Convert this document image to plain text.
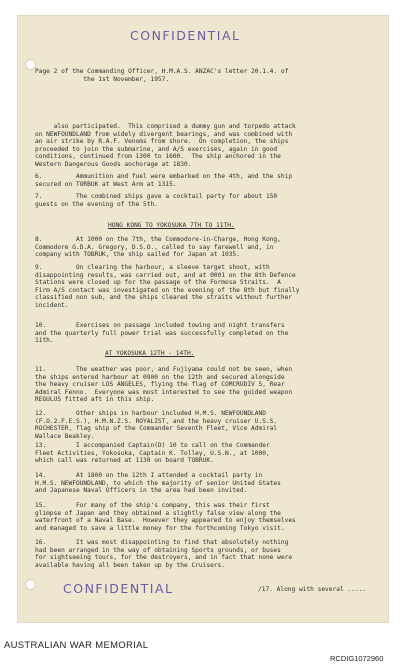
CONFIDENTIAL
Page 2 of the Commanding Officer, H.M.A.S. ANZAC's letter 20.1.4. of
the 1st November, 1957.
also participated.  This comprised a dummy gun and torpedo attack
on NEWFOUNDLAND from widely divergent bearings, and was combined with
an air strike by R.A.F. Venoms from shore.  On completion, the ships
proceeded to join the submarine, and A/S exercises, again in good
conditions, continued from 1300 to 1600.  The ship anchored in the
Western Dangerous Goods anchorage at 1830.
6.         Ammunition and fuel were embarked on the 4th, and the ship
secured on TORBUK at West Arm at 1315.
7.         The combined ships gave a cocktail party for about 150
guests on the evening of the 5th.
HONG KONG TO YOKOSUKA 7TH TO 11TH.
8.         At 1000 on the 7th, the Commodore-in-Charge, Hong Kong,
Commodore G.D.A. Gregory, D.S.O., called to say farewell and, in
company with TOBRUK, the ship sailed for Japan at 1035.
9.         On clearing the harbour, a sleeve target shoot, with
disappointing results, was carried out, and at 0001 on the 8th Defence
Stations were closed up for the passage of the Formosa Straits.  A
Firm A/S contact was investigated on the evening of the 8th but finally
classified non sub, and the ships cleared the straits without further
incident.
10.        Exercises on passage included towing and night transfers
and the quarterly full power trial was successfully completed on the
11th.
AT YOKOSUKA 12TH - 14TH.
11.        The weather was poor, and Fujiyama could not be seen, when
the ships entered harbour at 0900 on the 12th and secured alongside
the heavy cruiser LOS ANGELES, flying the flag of COMCRUDIV 5, Rear
Admiral Fenno.  Everyone was most interested to see the guided weapon
REGULUS fitted aft in this ship.
12.        Other ships in harbour included H.M.S. NEWFOUNDLAND
(F.O.2.F.E.S.), H.M.N.Z.S. ROYALIST, and the heavy cruiser U.S.S.
ROCHESTER, flag ship of the Commander Seventh Fleet, Vice Admiral
Wallace Beakley.
13.        I accompanied Captain(D) 10 to call on the Commander
Fleet Activities, Yokosuka, Captain K. Tolley, U.S.N., at 1000,
which call was returned at 1130 on board TOBRUK.
14.        At 1800 on the 12th I attended a cocktail party in
H.M.S. NEWFOUNDLAND, to which the majority of senior United States
and Japanese Naval Officers in the area had been invited.
15.        For many of the ship's company, this was their first
glimpse of Japan and they obtained a slightly false view along the
waterfront of a Naval Base.  However they appeared to enjoy themselves
and managed to save a little money for the forthcoming Tokyo visit.
16.        It was most disappointing to find that absolutely nothing
had been arranged in the way of obtaining Sports grounds, or buses
for sightseeing tours, for the destroyers, and in fact that none were
available having all been taken up by the Cruisers.
CONFIDENTIAL	/17. Along with several .....
AUSTRALIAN WAR MEMORIAL
RCDIG1072960
